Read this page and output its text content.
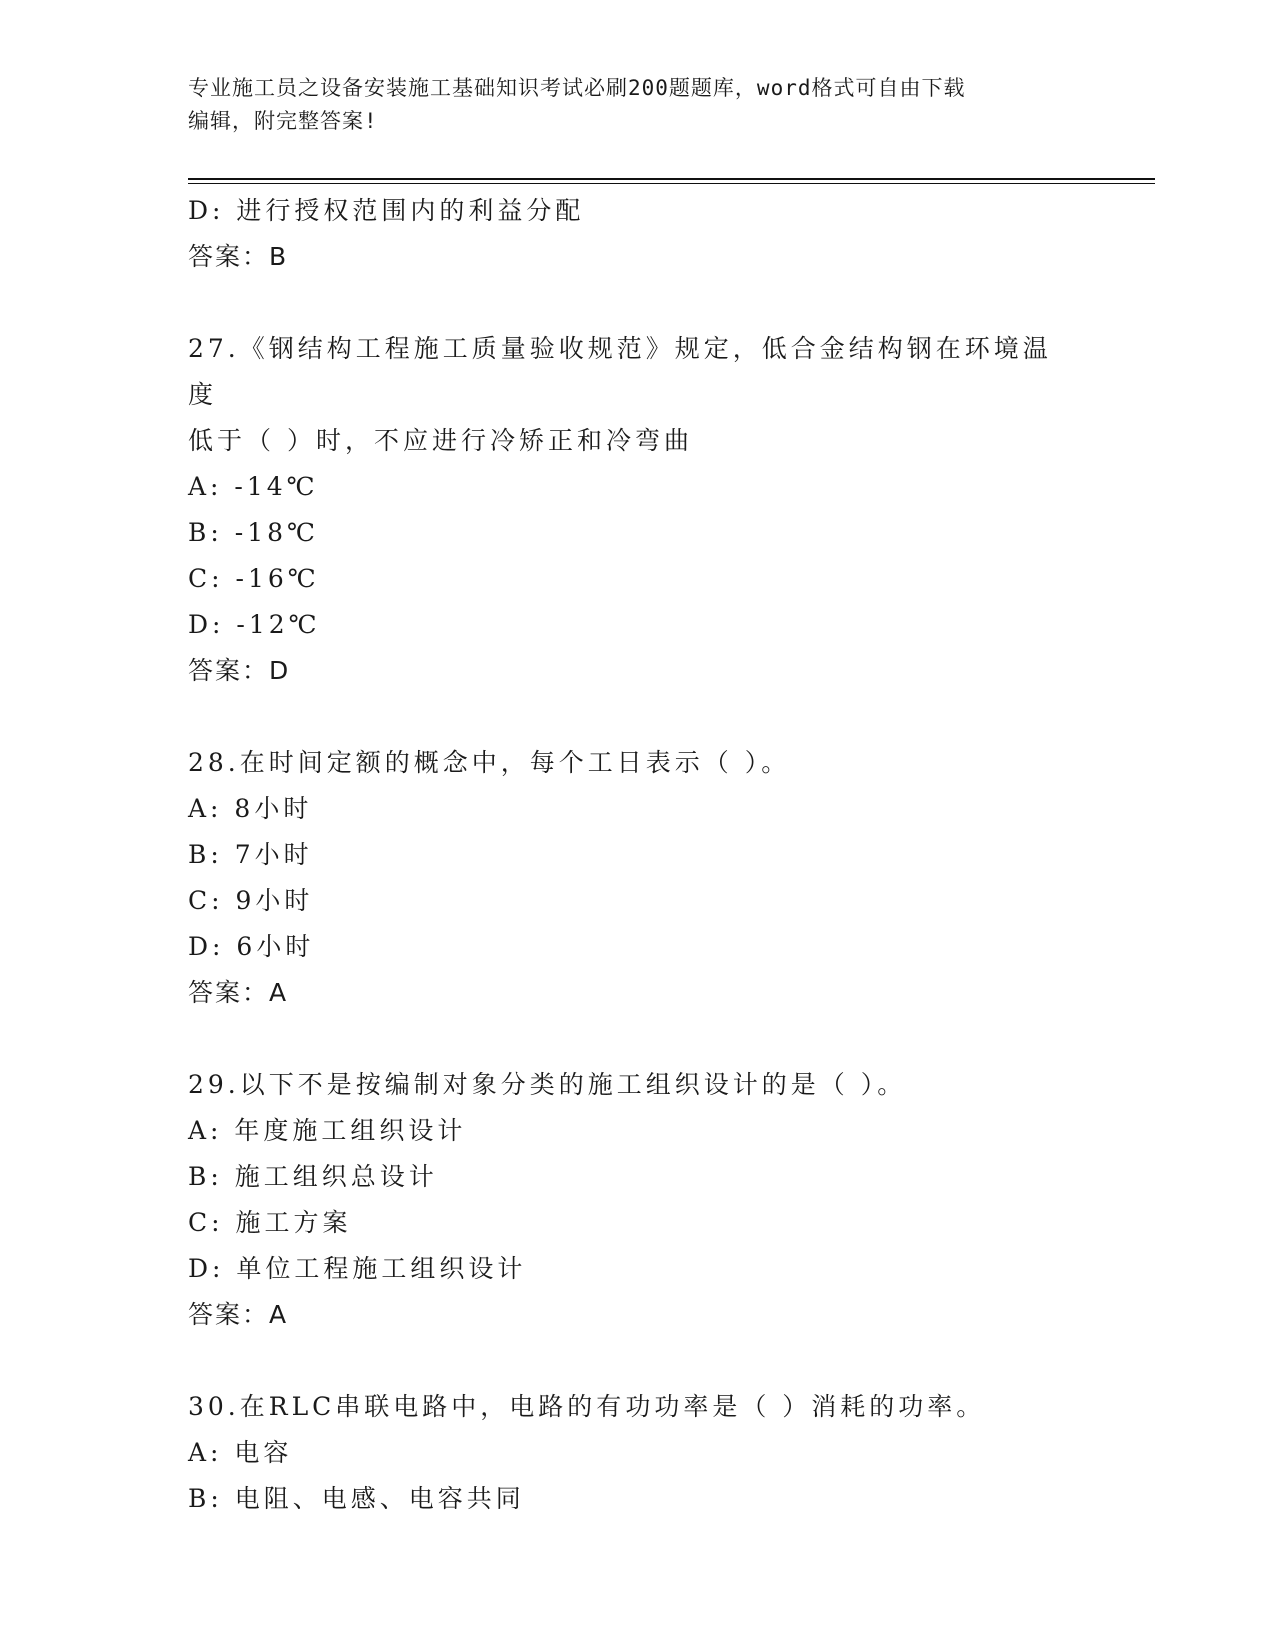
专业施工员之设备安装施工基础知识考试必刷200题题库，word格式可自由下载
编辑，附完整答案!
D: 进行授权范围内的利益分配
答案：B
27.《钢结构工程施工质量验收规范》规定，低合金结构钢在环境温度
低于（ ）时，不应进行冷矫正和冷弯曲
A: -14℃
B: -18℃
C: -16℃
D: -12℃
答案：D
28.在时间定额的概念中，每个工日表示（ ）。
A: 8小时
B: 7小时
C: 9小时
D: 6小时
答案：A
29.以下不是按编制对象分类的施工组织设计的是（ ）。
A: 年度施工组织设计
B: 施工组织总设计
C: 施工方案
D: 单位工程施工组织设计
答案：A
30.在RLC串联电路中，电路的有功功率是（ ）消耗的功率。
A: 电容
B: 电阻、电感、电容共同
